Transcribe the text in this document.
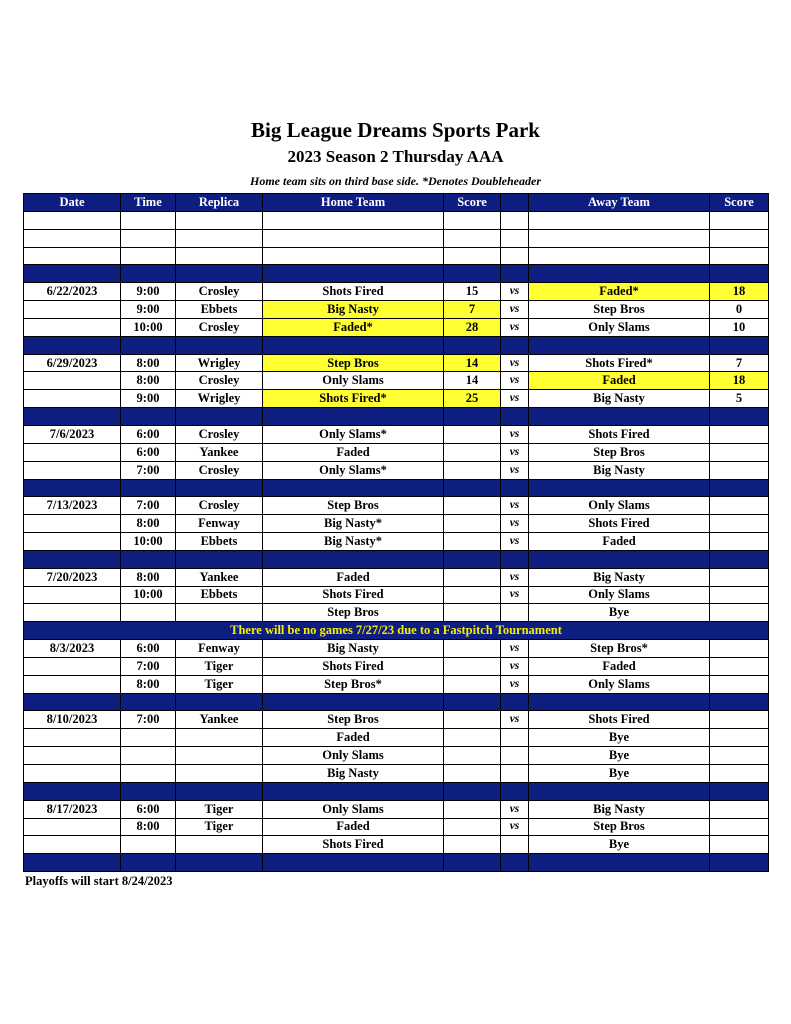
Big League Dreams Sports Park
2023 Season 2 Thursday AAA
Home team sits on third base side. *Denotes Doubleheader
Date	Time	Replica	Home Team	Score		Away Team	Score

6/22/2023	9:00	Crosley	Shots Fired	15	vs	Faded*	18
	9:00	Ebbets	Big Nasty	7	vs	Step Bros	0
	10:00	Crosley	Faded*	28	vs	Only Slams	10

6/29/2023	8:00	Wrigley	Step Bros	14	vs	Shots Fired*	7
	8:00	Crosley	Only Slams	14	vs	Faded	18
	9:00	Wrigley	Shots Fired*	25	vs	Big Nasty	5

7/6/2023	6:00	Crosley	Only Slams*		vs	Shots Fired	
	6:00	Yankee	Faded		vs	Step Bros	
	7:00	Crosley	Only Slams*		vs	Big Nasty	

7/13/2023	7:00	Crosley	Step Bros		vs	Only Slams	
	8:00	Fenway	Big Nasty*		vs	Shots Fired	
	10:00	Ebbets	Big Nasty*		vs	Faded	

7/20/2023	8:00	Yankee	Faded		vs	Big Nasty	
	10:00	Ebbets	Shots Fired		vs	Only Slams	
			Step Bros			Bye	
There will be no games 7/27/23 due to a Fastpitch Tournament							
8/3/2023	6:00	Fenway	Big Nasty		vs	Step Bros*	
	7:00	Tiger	Shots Fired		vs	Faded	
	8:00	Tiger	Step Bros*		vs	Only Slams	

8/10/2023	7:00	Yankee	Step Bros		vs	Shots Fired	
			Faded			Bye	
			Only Slams			Bye	
			Big Nasty			Bye	

8/17/2023	6:00	Tiger	Only Slams		vs	Big Nasty	
	8:00	Tiger	Faded		vs	Step Bros	
			Shots Fired			Bye	

Playoffs will start 8/24/2023
